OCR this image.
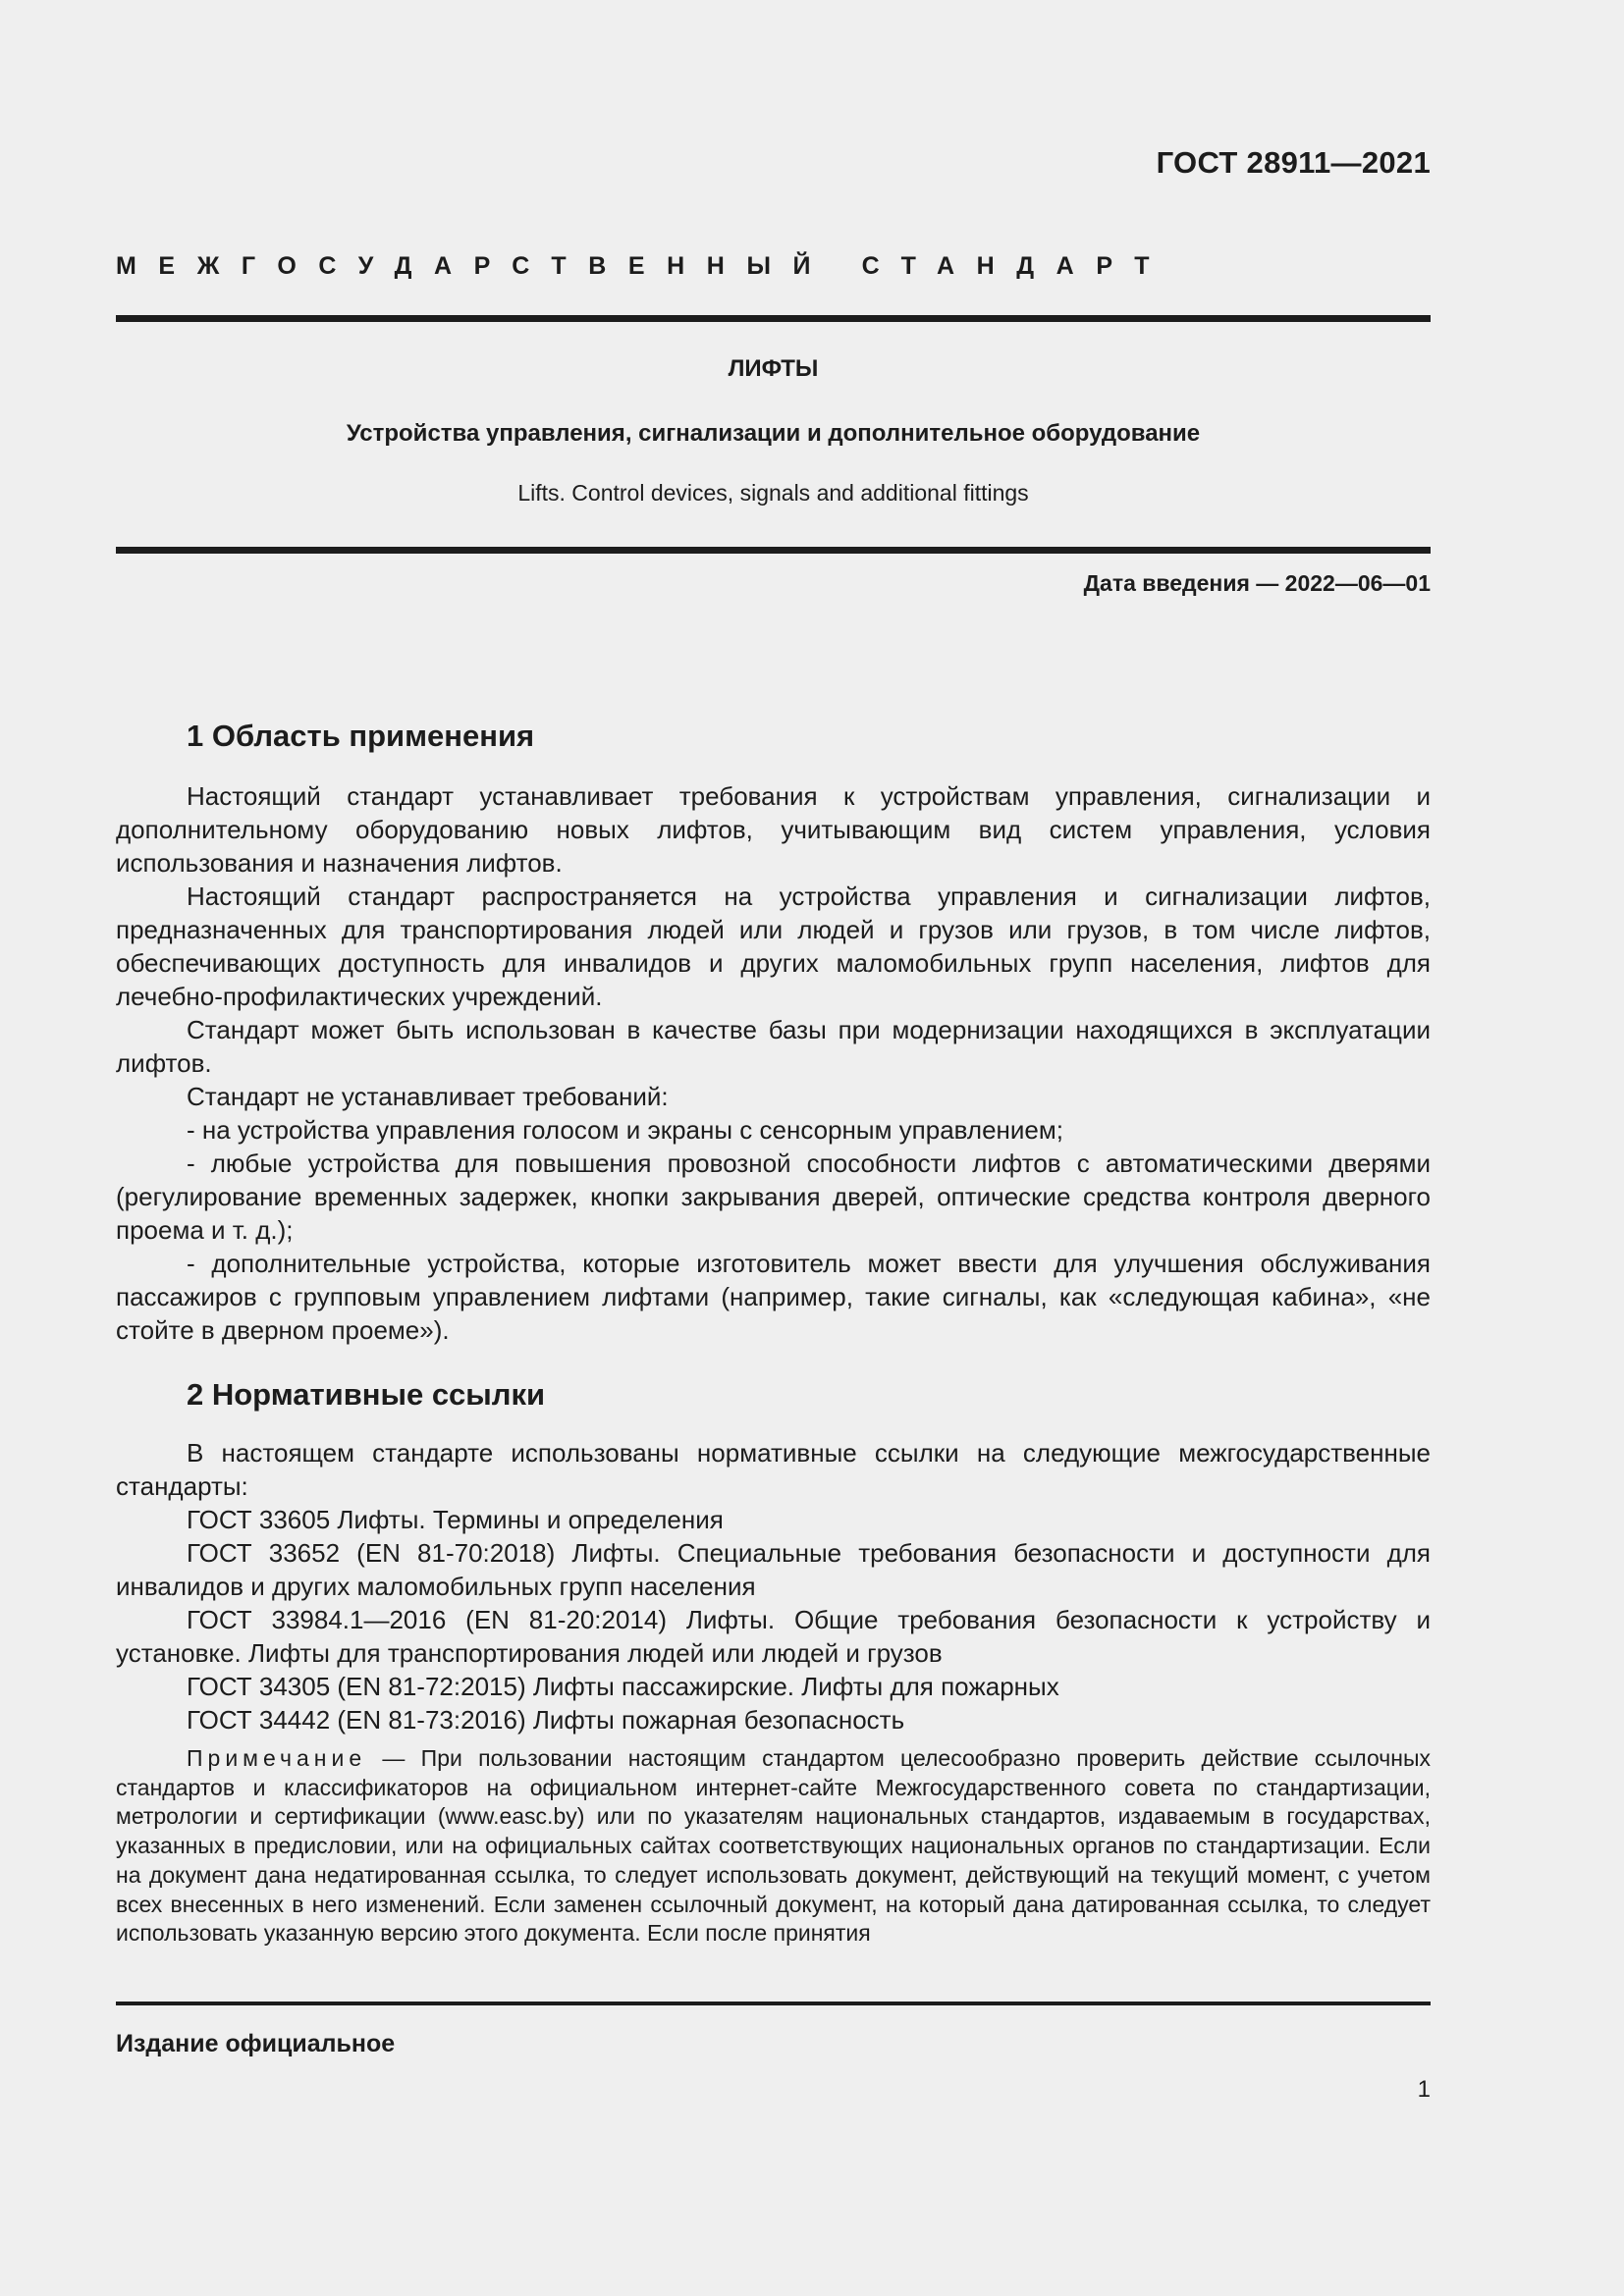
ГОСТ 28911—2021
МЕЖГОСУДАРСТВЕННЫЙ СТАНДАРТ
ЛИФТЫ
Устройства управления, сигнализации и дополнительное оборудование
Lifts. Control devices, signals and additional fittings
Дата введения — 2022—06—01
1 Область применения

Настоящий стандарт устанавливает требования к устройствам управления, сигнализации и дополнительному оборудованию новых лифтов, учитывающим вид систем управления, условия использования и назначения лифтов.

Настоящий стандарт распространяется на устройства управления и сигнализации лифтов, предназначенных для транспортирования людей или людей и грузов или грузов, в том числе лифтов, обеспечивающих доступность для инвалидов и других маломобильных групп населения, лифтов для лечебно-профилактических учреждений.

Стандарт может быть использован в качестве базы при модернизации находящихся в эксплуатации лифтов.

Стандарт не устанавливает требований:

- на устройства управления голосом и экраны с сенсорным управлением;

- любые устройства для повышения провозной способности лифтов с автоматическими дверями (регулирование временных задержек, кнопки закрывания дверей, оптические средства контроля дверного проема и т. д.);

- дополнительные устройства, которые изготовитель может ввести для улучшения обслуживания пассажиров с групповым управлением лифтами (например, такие сигналы, как «следующая кабина», «не стойте в дверном проеме»).

2 Нормативные ссылки

В настоящем стандарте использованы нормативные ссылки на следующие межгосударственные стандарты:

ГОСТ 33605 Лифты. Термины и определения

ГОСТ 33652 (EN 81-70:2018) Лифты. Специальные требования безопасности и доступности для инвалидов и других маломобильных групп населения

ГОСТ 33984.1—2016 (EN 81-20:2014) Лифты. Общие требования безопасности к устройству и установке. Лифты для транспортирования людей или людей и грузов

ГОСТ 34305 (EN 81-72:2015) Лифты пассажирские. Лифты для пожарных

ГОСТ 34442 (EN 81-73:2016) Лифты пожарная безопасность

Примечание — При пользовании настоящим стандартом целесообразно проверить действие ссылочных стандартов и классификаторов на официальном интернет-сайте Межгосударственного совета по стандартизации, метрологии и сертификации (www.easc.by) или по указателям национальных стандартов, издаваемым в государствах, указанных в предисловии, или на официальных сайтах соответствующих национальных органов по стандартизации. Если на документ дана недатированная ссылка, то следует использовать документ, действующий на текущий момент, с учетом всех внесенных в него изменений. Если заменен ссылочный документ, на который дана датированная ссылка, то следует использовать указанную версию этого документа. Если после принятия

Издание официальное
1
